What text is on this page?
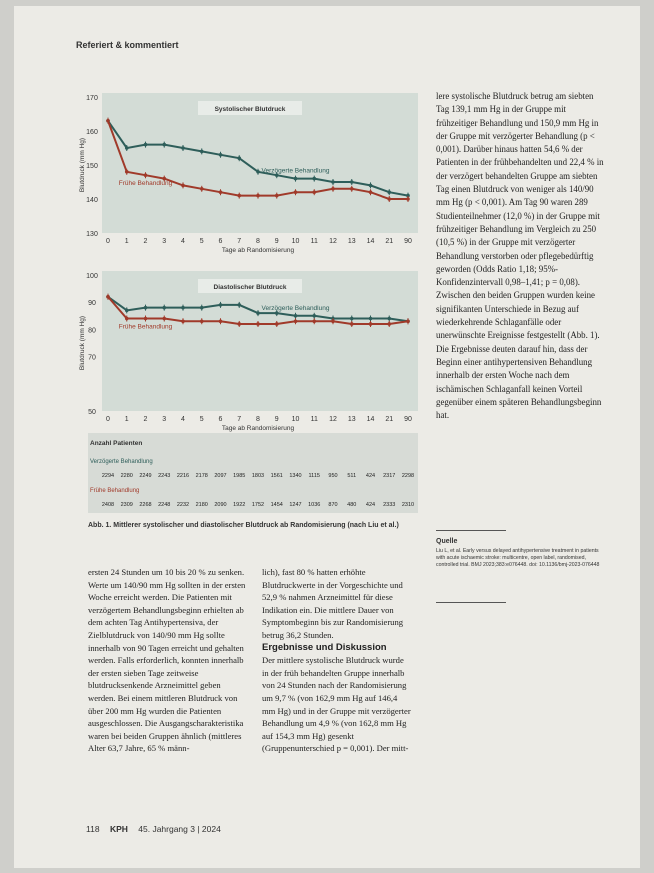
Referiert & kommentiert
130
140
150
160
170
0 1 2 3 4 5 6 7 8 9 10 11 12 13 14 21 90
Tage ab Randomisierung
Blutdruck (mm Hg)
Systolischer Blutdruck
Verzögerte Behandlung
Frühe Behandlung
50
70
80
90
100
0 1 2 3 4 5 6 7 8 9 10 11 12 13 14 21 90
Tage ab Randomisierung
Blutdruck (mm Hg)
Diastolischer Blutdruck
Verzögerte Behandlung
Frühe Behandlung
Anzahl Patienten
Verzögerte Behandlung
Frühe Behandlung
2294 2280 2249 2243 2216 2178 2097 1985 1803 1561 1340 1115 950 511 424 2317 2298
2408 2309 2268 2248 2232 2180 2090 1922 1752 1454 1247 1036 870 480 424 2333 2310
Abb. 1. Mittlerer systolischer und diastolischer Blutdruck ab Randomisierung (nach Liu et al.)

ersten 24 Stunden um 10 bis 20 % zu senken. Werte um 140/90 mm Hg sollten in der ersten Woche erreicht werden. Die Patienten mit verzögertem Behandlungsbeginn erhielten ab dem achten Tag Antihypertensiva, der Zielblutdruck von 140/90 mm Hg sollte innerhalb von 90 Tagen erreicht und gehalten werden. Falls erforderlich, konnten innerhalb der ersten sieben Tage zeitweise blutdrucksenkende Arzneimittel geben werden. Bei einem mittleren Blutdruck von über 200 mm Hg wurden die Patienten ausgeschlossen. Die Ausgangscharakteristika waren bei beiden Gruppen ähnlich (mittleres Alter 63,7 Jahre, 65 % männ-

lich), fast 80 % hatten erhöhte Blutdruckwerte in der Vorgeschichte und 52,9 % nahmen Arzneimittel für diese Indikation ein. Die mittlere Dauer von Symptombeginn bis zur Randomisierung betrug 36,2 Stunden.

Ergebnisse und Diskussion

Der mittlere systolische Blutdruck wurde in der früh behandelten Gruppe innerhalb von 24 Stunden nach der Randomisierung um 9,7 % (von 162,9 mm Hg auf 146,4 mm Hg) und in der Gruppe mit verzögerter Behandlung um 4,9 % (von 162,8 mm Hg auf 154,3 mm Hg) gesenkt (Gruppenunterschied p = 0,001). Der mitt-

lere systolische Blutdruck betrug am siebten Tag 139,1 mm Hg in der Gruppe mit frühzeitiger Behandlung und 150,9 mm Hg in der Gruppe mit verzögerter Behandlung (p < 0,001). Darüber hinaus hatten 54,6 % der Patienten in der frühbehandelten und 22,4 % in der verzögert behandelten Gruppe am siebten Tag einen Blutdruck von weniger als 140/90 mm Hg (p < 0,001). Am Tag 90 waren 289 Studienteilnehmer (12,0 %) in der Gruppe mit frühzeitiger Behandlung im Vergleich zu 250 (10,5 %) in der Gruppe mit verzögerter Behandlung verstorben oder pflegebedürftig geworden (Odds Ratio 1,18; 95%-Konfidenzintervall 0,98–1,41; p = 0,08). Zwischen den beiden Gruppen wurden keine signifikanten Unterschiede in Bezug auf wiederkehrende Schlaganfälle oder unerwünschte Ereignisse festgestellt (Abb. 1). Die Ergebnisse deuten darauf hin, dass der Beginn einer antihypertensiven Behandlung innerhalb der ersten Woche nach dem ischämischen Schlaganfall keinen Vorteil gegenüber einem späteren Behandlungsbeginn hat.

Quelle
Liu L, et al. Early versus delayed antihypertensive treatment in patients with acute ischaemic stroke: multicentre, open label, randomised, controlled trial. BMJ 2023;383:e076448. doi: 10.1136/bmj-2023-076448
118 KPH 45. Jahrgang 3 | 2024
